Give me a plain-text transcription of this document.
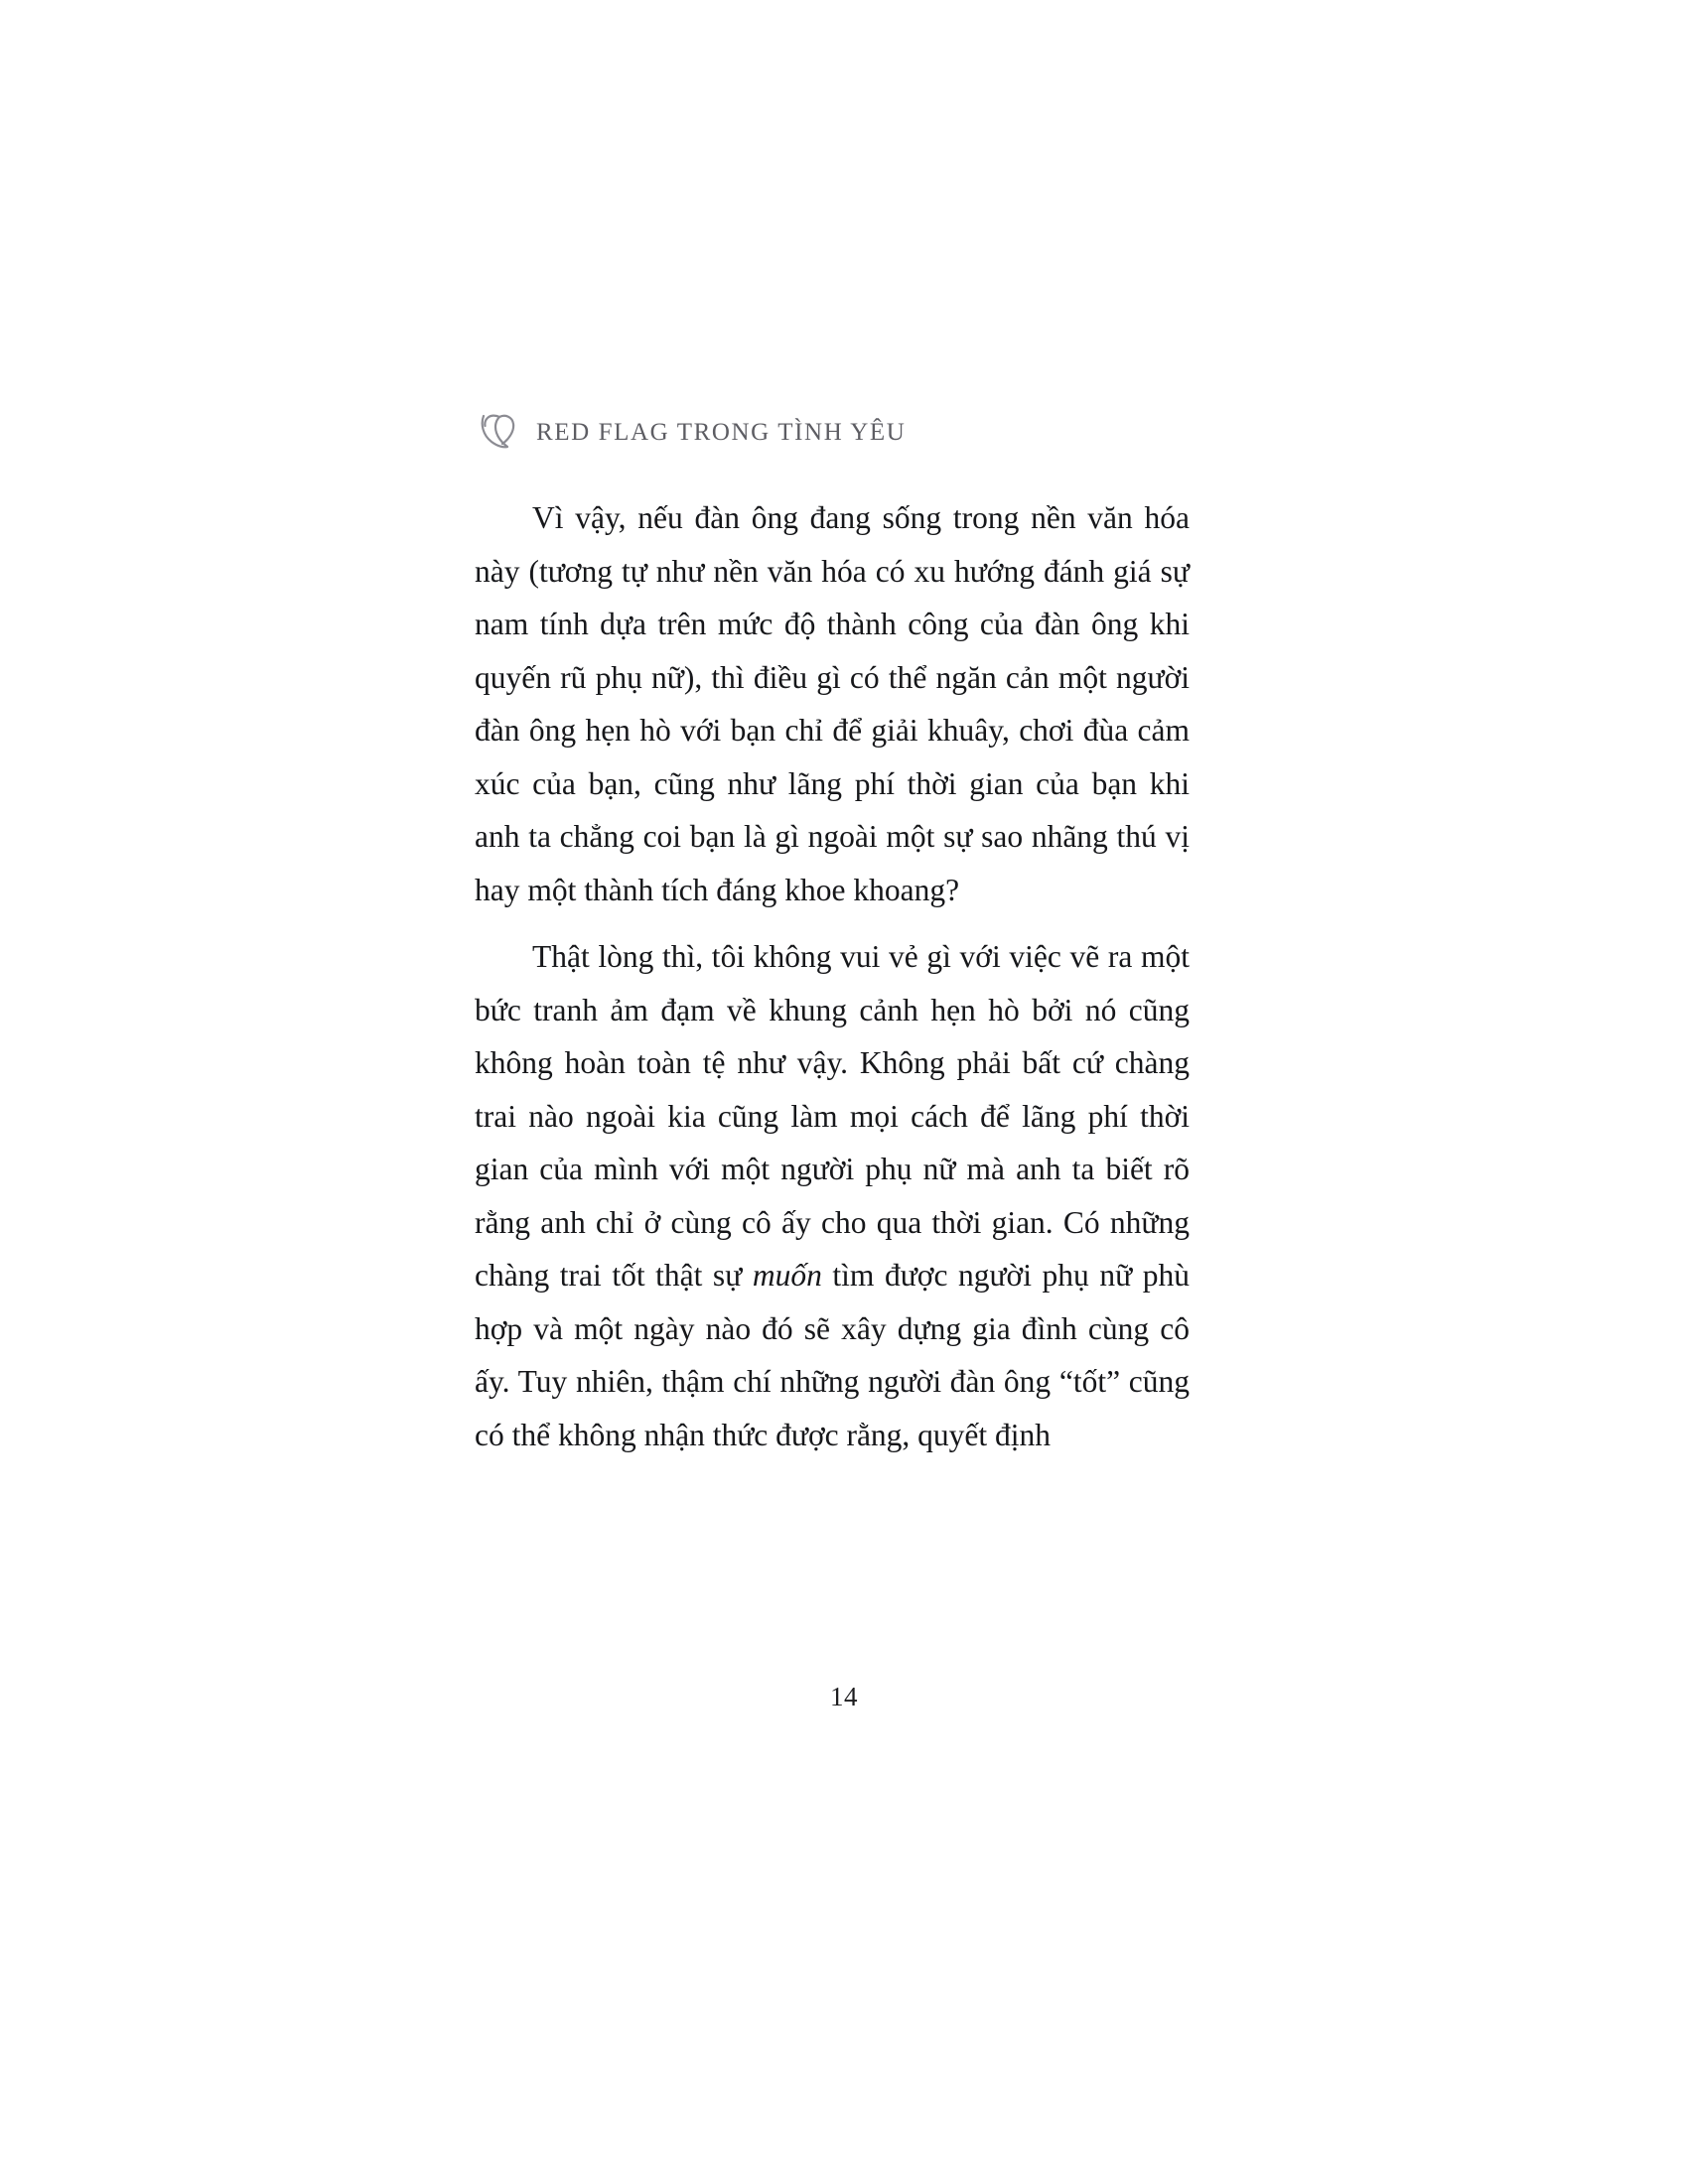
RED FLAG TRONG TÌNH YÊU

Vì vậy, nếu đàn ông đang sống trong nền văn hóa này (tương tự như nền văn hóa có xu hướng đánh giá sự nam tính dựa trên mức độ thành công của đàn ông khi quyến rũ phụ nữ), thì điều gì có thể ngăn cản một người đàn ông hẹn hò với bạn chỉ để giải khuây, chơi đùa cảm xúc của bạn, cũng như lãng phí thời gian của bạn khi anh ta chẳng coi bạn là gì ngoài một sự sao nhãng thú vị hay một thành tích đáng khoe khoang?

Thật lòng thì, tôi không vui vẻ gì với việc vẽ ra một bức tranh ảm đạm về khung cảnh hẹn hò bởi nó cũng không hoàn toàn tệ như vậy. Không phải bất cứ chàng trai nào ngoài kia cũng làm mọi cách để lãng phí thời gian của mình với một người phụ nữ mà anh ta biết rõ rằng anh chỉ ở cùng cô ấy cho qua thời gian. Có những chàng trai tốt thật sự muốn tìm được người phụ nữ phù hợp và một ngày nào đó sẽ xây dựng gia đình cùng cô ấy. Tuy nhiên, thậm chí những người đàn ông “tốt” cũng có thể không nhận thức được rằng, quyết định

14
